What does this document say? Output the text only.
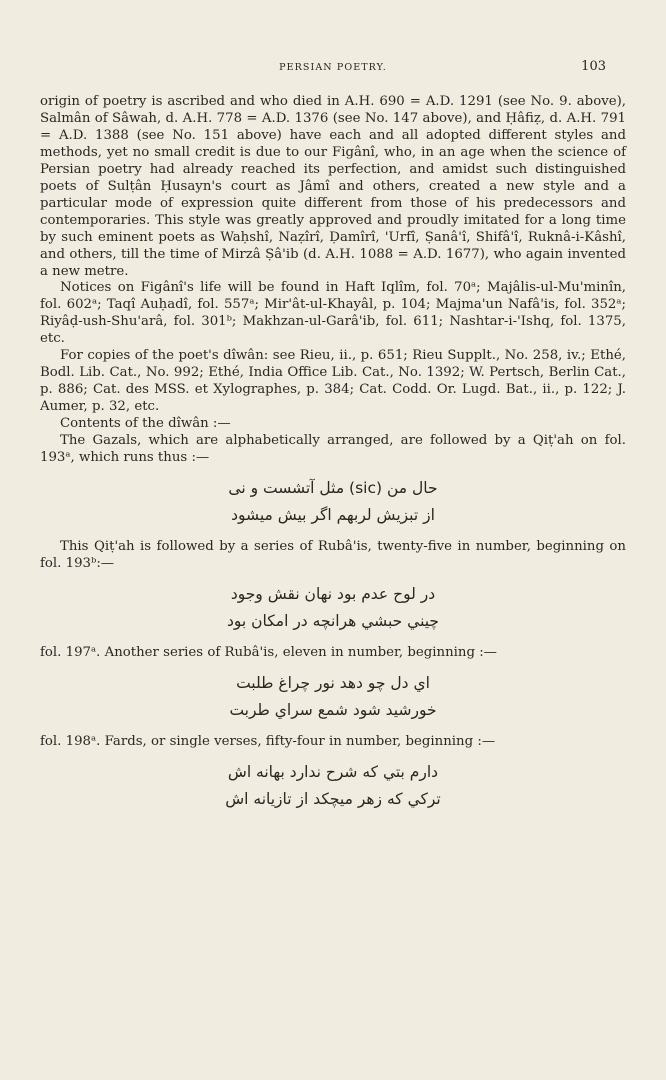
PERSIAN POETRY.	103

origin of poetry is ascribed and who died in A.H. 690 = A.D. 1291 (see No. 9. above), Salmân of Sâwah, d. A.H. 778 = A.D. 1376 (see No. 147 above), and Ḥâfiẓ, d. A.H. 791 = A.D. 1388 (see No. 151 above) have each and all adopted different styles and methods, yet no small credit is due to our Figânî, who, in an age when the science of Persian poetry had already reached its perfection, and amidst such distinguished poets of Sulṭân Ḥusayn's court as Jâmî and others, created a new style and a particular mode of expression quite different from those of his predecessors and contemporaries. This style was greatly approved and proudly imitated for a long time by such eminent poets as Waḥshî, Naẓîrî, Ḍamîrî, 'Urfî, Ṣanâ'î, Shifâ'î, Ruknâ-i-Kâshî, and others, till the time of Mirzâ Ṣâ'ib (d. A.H. 1088 = A.D. 1677), who again invented a new metre.

Notices on Figânî's life will be found in Haft Iqlîm, fol. 70ᵃ; Majâlis-ul-Mu'minîn, fol. 602ᵃ; Taqî Auḥadî, fol. 557ᵃ; Mir'ât-ul-Khayâl, p. 104; Majma'un Nafâ'is, fol. 352ᵃ; Riyâḍ-ush-Shu'arâ, fol. 301ᵇ; Makhzan-ul-Garâ'ib, fol. 611; Nashtar-i-'Ishq, fol. 1375, etc.

For copies of the poet's dîwân: see Rieu, ii., p. 651; Rieu Supplt., No. 258, iv.; Ethé, Bodl. Lib. Cat., No. 992; Ethé, India Office Lib. Cat., No. 1392; W. Pertsch, Berlin Cat., p. 886; Cat. des MSS. et Xylographes, p. 384; Cat. Codd. Or. Lugd. Bat., ii., p. 122; J. Aumer, p. 32, etc.

Contents of the dîwân :—

The Gazals, which are alphabetically arranged, are followed by a Qiṭ'ah on fol. 193ᵃ, which runs thus :—

حال من (sic) مثل آتشست و نی
از تبزیش لربهم اگر بیش میشود

This Qiṭ'ah is followed by a series of Rubâ'is, twenty-five in number, beginning on fol. 193ᵇ:—

در لوح عدم بود نهان نقش وجود
چيني حبشي هرانچه در امكان بود

fol. 197ᵃ. Another series of Rubâ'is, eleven in number, beginning :—

اي دل چو دهد نور چراغ طلبت
خورشيد شود شمع سراي طربت

fol. 198ᵃ. Fards, or single verses, fifty-four in number, beginning :—

دارم بتي كه شرح ندارد بهانه اش
تركي كه زهر ميچكد از تازيانه اش
